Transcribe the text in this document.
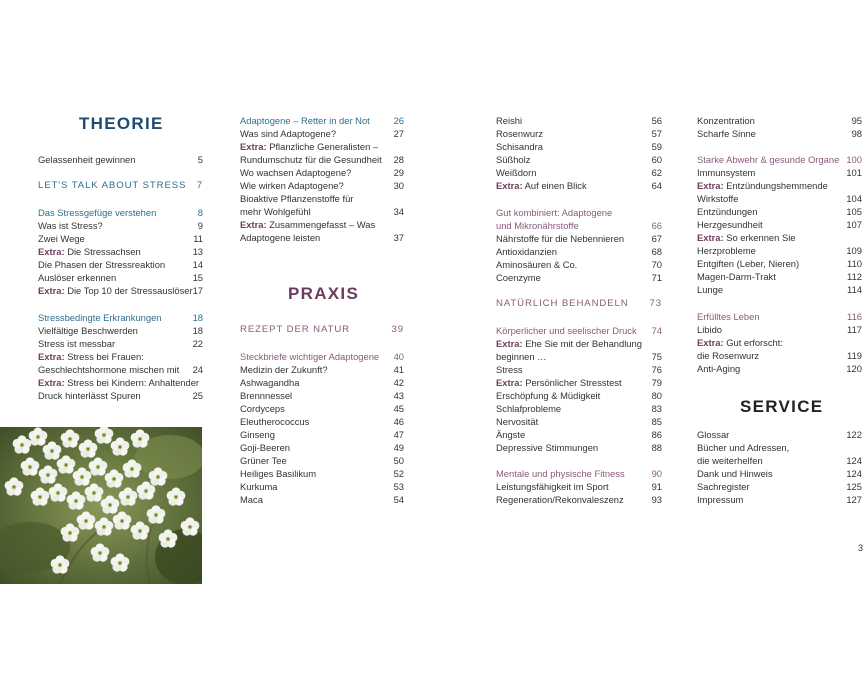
THEORIE
PRAXIS
SERVICE
Gelassenheit gewinnen	5
LET'S TALK ABOUT STRESS 7
Das Stressgefüge verstehen	8
Was ist Stress?	9
Zwei Wege	11
Extra: Die Stressachsen	13
Die Phasen der Stressreaktion	14
Auslöser erkennen	15
Extra: Die Top 10 der Stressauslöser 17
Stressbedingte Erkrankungen	18
Vielfältige Beschwerden	18
Stress ist messbar	22
Extra: Stress bei Frauen:
Geschlechtshormone mischen mit 24
Extra: Stress bei Kindern: Anhaltender
Druck hinterlässt Spuren	25
Adaptogene – Retter in der Not	26
Was sind Adaptogene?	27
Extra: Pflanzliche Generalisten –
Rundumschutz für die Gesundheit 28
Wo wachsen Adaptogene?	29
Wie wirken Adaptogene?	30
Bioaktive Pflanzenstoffe für
mehr Wohlgefühl	34
Extra: Zusammengefasst – Was
Adaptogene leisten	37
REZEPT DER NATUR	39
Steckbriefe wichtiger Adaptogene 40
Medizin der Zukunft?	41
Ashwagandha	42
Brennnessel	43
Cordyceps	45
Eleutherococcus	46
Ginseng	47
Goji-Beeren	49
Grüner Tee	50
Heiliges Basilikum	52
Kurkuma	53
Maca	54
Reishi	56
Rosenwurz	57
Schisandra	59
Süßholz	60
Weißdorn	62
Extra: Auf einen Blick	64
Gut kombiniert: Adaptogene
und Mikronährstoffe	66
Nährstoffe für die Nebennieren	67
Antioxidanzien	68
Aminosäuren & Co.	70
Coenzyme	71
NATÜRLICH BEHANDELN 73
Körperlicher und seelischer Druck 74
Extra: Ehe Sie mit der Behandlung
beginnen …	75
Stress	76
Extra: Persönlicher Stresstest	79
Erschöpfung & Müdigkeit	80
Schlafprobleme	83
Nervosität	85
Ängste	86
Depressive Stimmungen	88
Mentale und physische Fitness	90
Leistungsfähigkeit im Sport	91
Regeneration/Rekonvaleszenz	93
Konzentration	95
Scharfe Sinne	98
Starke Abwehr & gesunde Organe 100
Immunsystem	101
Extra: Entzündungshemmende
Wirkstoffe	104
Entzündungen	105
Herzgesundheit	107
Extra: So erkennen Sie
Herzprobleme	109
Entgiften (Leber, Nieren)	110
Magen-Darm-Trakt	112
Lunge	114
Erfülltes Leben	116
Libido	117
Extra: Gut erforscht:
die Rosenwurz	119
Anti-Aging	120
Glossar	122
Bücher und Adressen,
die weiterhelfen	124
Dank und Hinweis	124
Sachregister	125
Impressum	127
3
